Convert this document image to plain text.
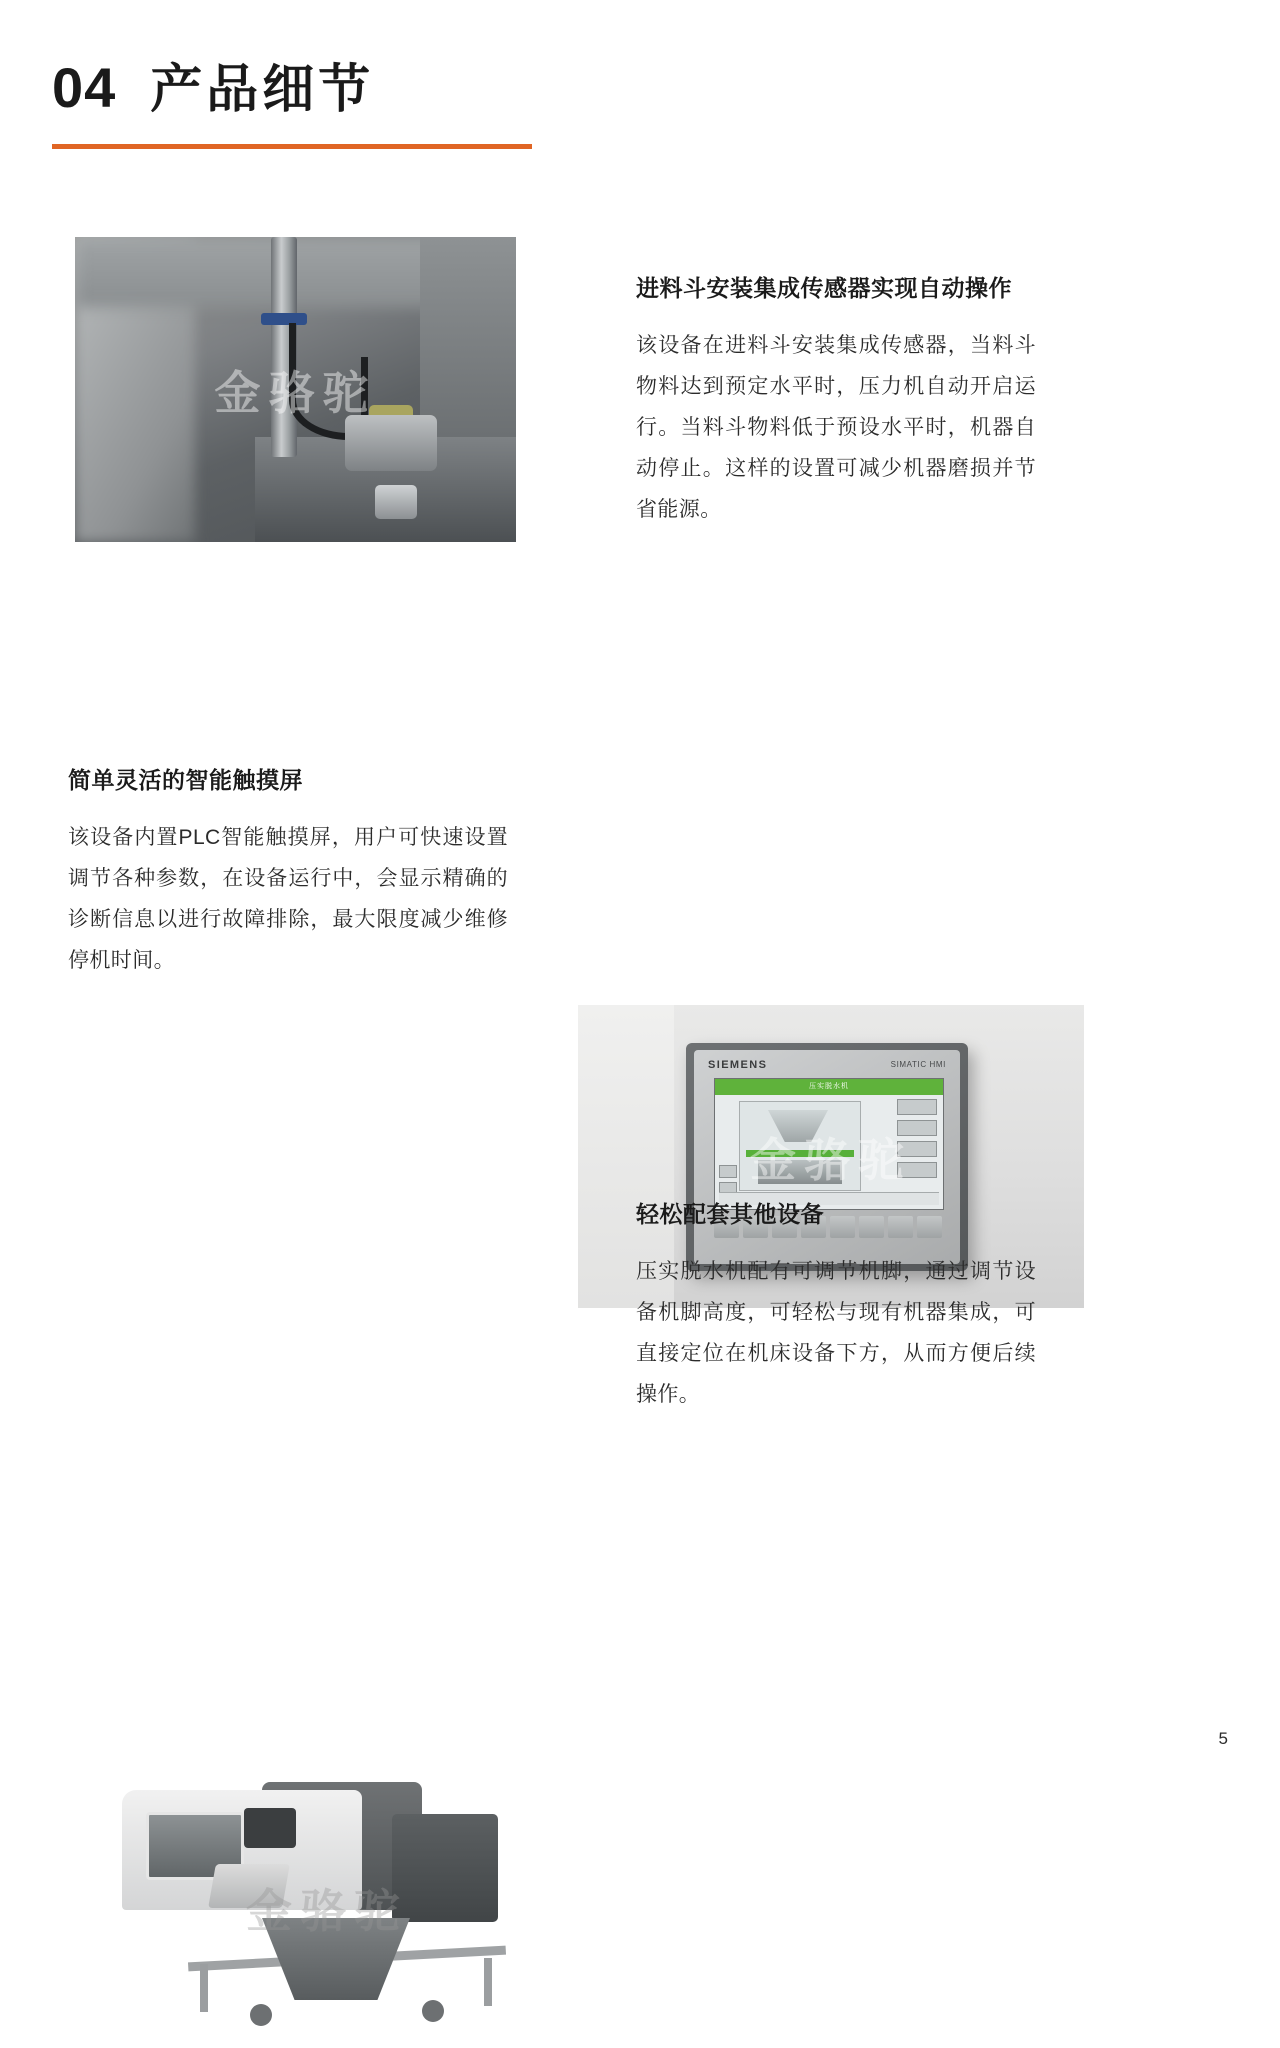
04 产品细节
金骆驼
进料斗安装集成传感器实现自动操作
该设备在进料斗安装集成传感器，当料斗物料达到预定水平时，压力机自动开启运行。当料斗物料低于预设水平时，机器自动停止。这样的设置可减少机器磨损并节省能源。
简单灵活的智能触摸屏
该设备内置PLC智能触摸屏，用户可快速设置调节各种参数，在设备运行中，会显示精确的诊断信息以进行故障排除，最大限度减少维修停机时间。
SIEMENS	SIMATIC HMI
压实脱水机
金骆驼
金骆驼
轻松配套其他设备
压实脱水机配有可调节机脚，通过调节设备机脚高度，可轻松与现有机器集成，可直接定位在机床设备下方，从而方便后续操作。
5
